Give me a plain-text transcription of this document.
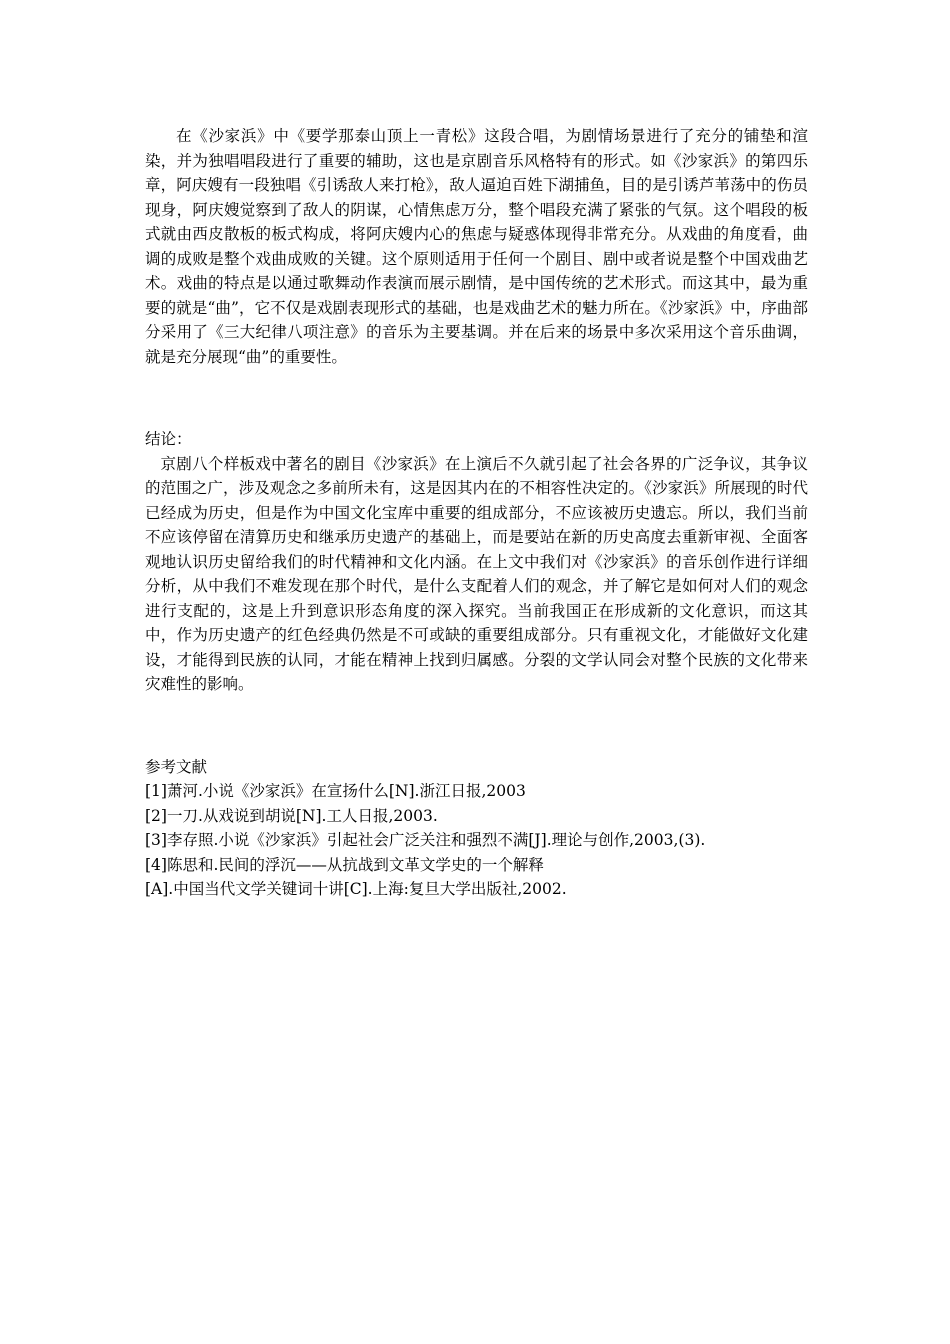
在《沙家浜》中《要学那泰山顶上一青松》这段合唱，为剧情场景进行了充分的铺垫和渲染，并为独唱唱段进行了重要的辅助，这也是京剧音乐风格特有的形式。如《沙家浜》的第四乐章，阿庆嫂有一段独唱《引诱敌人来打枪》，敌人逼迫百姓下湖捕鱼，目的是引诱芦苇荡中的伤员现身，阿庆嫂觉察到了敌人的阴谋，心情焦虑万分，整个唱段充满了紧张的气氛。这个唱段的板式就由西皮散板的板式构成，将阿庆嫂内心的焦虑与疑惑体现得非常充分。从戏曲的角度看，曲调的成败是整个戏曲成败的关键。这个原则适用于任何一个剧目、剧中或者说是整个中国戏曲艺术。戏曲的特点是以通过歌舞动作表演而展示剧情，是中国传统的艺术形式。而这其中，最为重要的就是“曲”，它不仅是戏剧表现形式的基础，也是戏曲艺术的魅力所在。《沙家浜》中，序曲部分采用了《三大纪律八项注意》的音乐为主要基调。并在后来的场景中多次采用这个音乐曲调，就是充分展现“曲”的重要性。

结论：

京剧八个样板戏中著名的剧目《沙家浜》在上演后不久就引起了社会各界的广泛争议，其争议的范围之广，涉及观念之多前所未有，这是因其内在的不相容性决定的。《沙家浜》所展现的时代已经成为历史，但是作为中国文化宝库中重要的组成部分，不应该被历史遗忘。所以，我们当前不应该停留在清算历史和继承历史遗产的基础上，而是要站在新的历史高度去重新审视、全面客观地认识历史留给我们的时代精神和文化内涵。在上文中我们对《沙家浜》的音乐创作进行详细分析，从中我们不难发现在那个时代，是什么支配着人们的观念，并了解它是如何对人们的观念进行支配的，这是上升到意识形态角度的深入探究。当前我国正在形成新的文化意识，而这其中，作为历史遗产的红色经典仍然是不可或缺的重要组成部分。只有重视文化，才能做好文化建设，才能得到民族的认同，才能在精神上找到归属感。分裂的文学认同会对整个民族的文化带来灾难性的影响。

参考文献

[1]萧河.小说《沙家浜》在宣扬什么[N].浙江日报,2003
[2]一刀.从戏说到胡说[N].工人日报,2003.
[3]李存照.小说《沙家浜》引起社会广泛关注和强烈不满[J].理论与创作,2003,(3).
[4]陈思和.民间的浮沉——从抗战到文革文学史的一个解释
[A].中国当代文学关键词十讲[C].上海:复旦大学出版社,2002.
